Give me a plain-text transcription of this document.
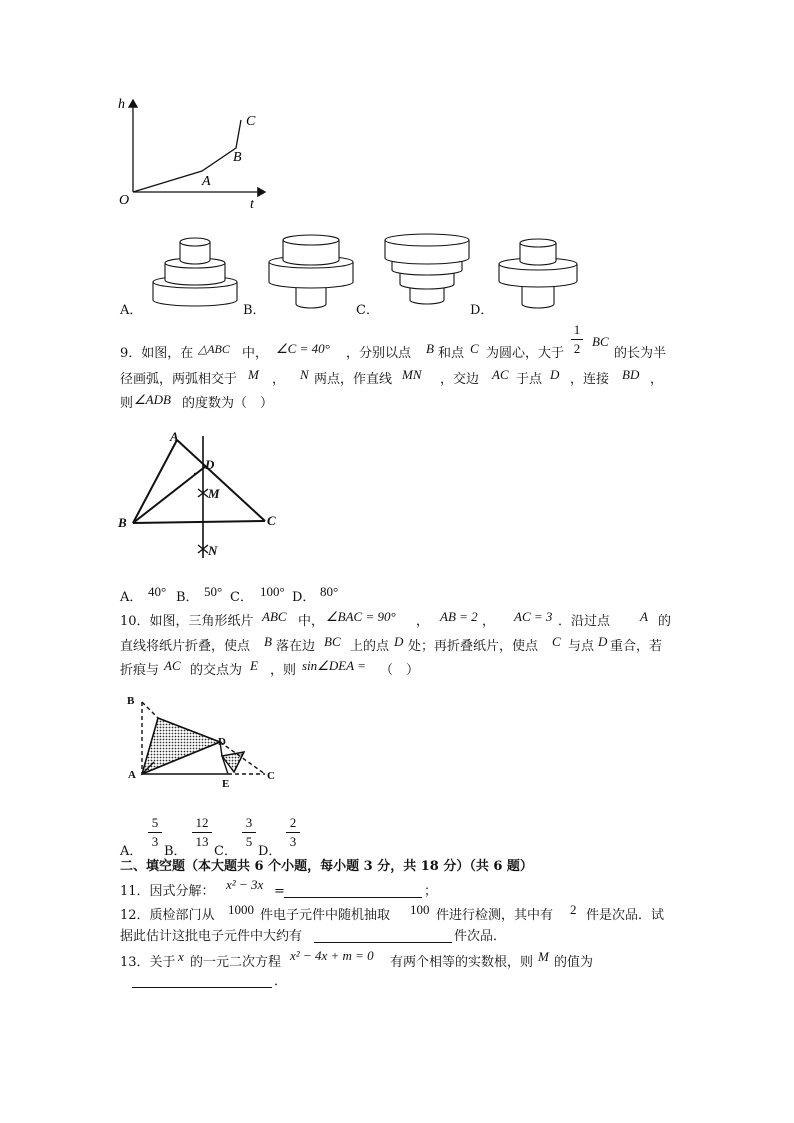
h
t
O
A
B
C
A．	B．	C．	D．
9．如图，在 △ABC 中， ∠C = 40° ，分别以点 B 和点 C 为圆心，大于
BC
的长为半
1
2
径画弧，两弧相交于 M ， N 两点，作直线 MN ，交边 AC 于点 D ，连接 BD ，
则 ∠ADB 的度数为（　）
A
D
M
B	C
N
A． 40° B． 50° C． 100° D． 80°
10．如图，三角形纸片 ABC 中， ∠BAC = 90° ， AB = 2 ， AC = 3 ．沿过点 A 的
直线将纸片折叠，使点 B 落在边 BC 上的点 D 处；再折叠纸片，使点 C 与点 D 重合，若
折痕与 AC 的交点为 E ，则 sin∠DEA = （　）
B
D
A
E
C
A．
5
3
B．
12
13
C．
3
5
D．
2
3
二、填空题（本大题共 6 个小题，每小题 3 分，共 18 分）（共 6 题）
11．因式分解： x² − 3x =	；
12．质检部门从 1000 件电子元件中随机抽取 100 件进行检测，其中有 2 件是次品．试
据此估计这批电子元件中大约有	件次品．
13．关于 x 的一元二次方程 x² − 4x + m = 0 有两个相等的实数根，则 M 的值为
．
